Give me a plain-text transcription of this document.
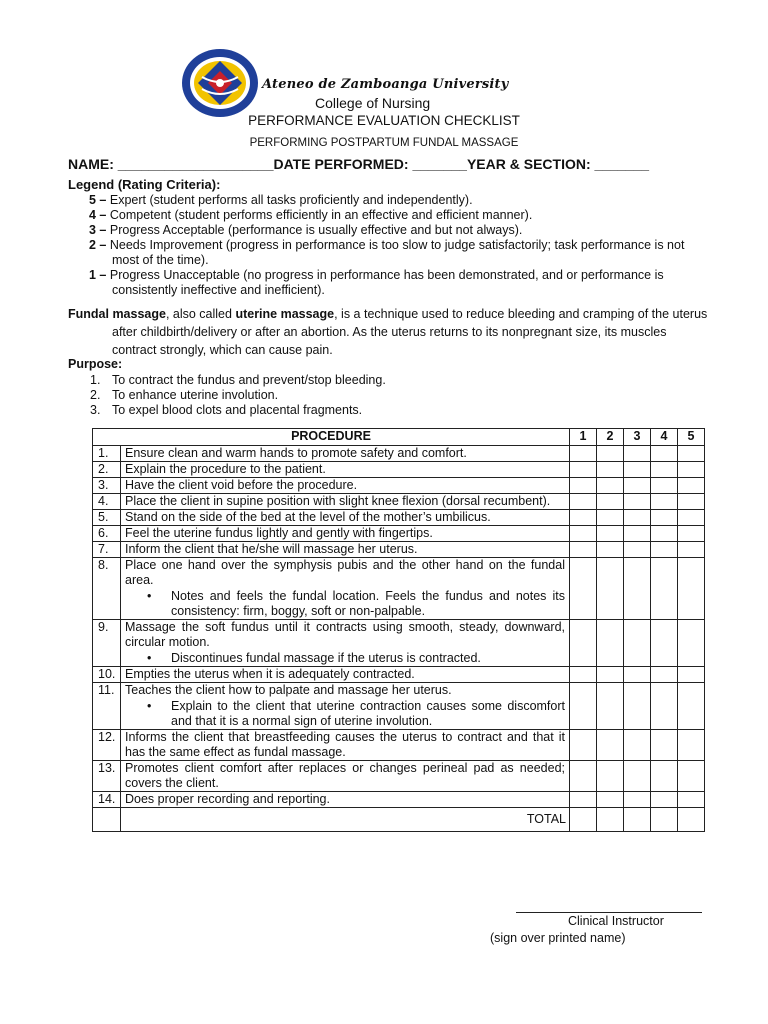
Ateneo de Zamboanga University
College of Nursing
PERFORMANCE EVALUATION CHECKLIST
PERFORMING POSTPARTUM FUNDAL MASSAGE
NAME: ____________________DATE PERFORMED: _______YEAR & SECTION: _______
Legend (Rating Criteria):
5 – Expert (student performs all tasks proficiently and independently).
4 – Competent (student performs efficiently in an effective and efficient manner).
3 – Progress Acceptable (performance is usually effective and but not always).
2 – Needs Improvement (progress in performance is too slow to judge satisfactorily; task performance is not most of the time).
1 – Progress Unacceptable (no progress in performance has been demonstrated, and or performance is consistently ineffective and inefficient).

Fundal massage, also called uterine massage, is a technique used to reduce bleeding and cramping of the uterus after childbirth/delivery or after an abortion. As the uterus returns to its nonpregnant size, its muscles contract strongly, which can cause pain.

Purpose:
1. To contract the fundus and prevent/stop bleeding.
2. To enhance uterine involution.
3. To expel blood clots and placental fragments.
PROCEDURE		1	2	3	4	5
1.	Ensure clean and warm hands to promote safety and comfort.					

2.	Explain the procedure to the patient.					

3.	Have the client void before the procedure.					

4.	Place the client in supine position with slight knee flexion (dorsal recumbent).					

5.	Stand on the side of the bed at the level of the mother’s umbilicus.					

6.	Feel the uterine fundus lightly and gently with fingertips.					

7.	Inform the client that he/she will massage her uterus.					

8.	Place one hand over the symphysis pubis and the other hand on the fundal area.
• Notes and feels the fundal location. Feels the fundus and notes its consistency: firm, boggy, soft or non-palpable.					

9.	Massage the soft fundus until it contracts using smooth, steady, downward, circular motion.
• Discontinues fundal massage if the uterus is contracted.					

10.	Empties the uterus when it is adequately contracted.					

11.	Teaches the client how to palpate and massage her uterus.
• Explain to the client that uterine contraction causes some discomfort and that it is a normal sign of uterine involution.					

12.	Informs the client that breastfeeding causes the uterus to contract and that it has the same effect as fundal massage.					

13.	Promotes client comfort after replaces or changes perineal pad as needed; covers the client.					

14.	Does proper recording and reporting.					

	TOTAL					
Clinical Instructor
(sign over printed name)
